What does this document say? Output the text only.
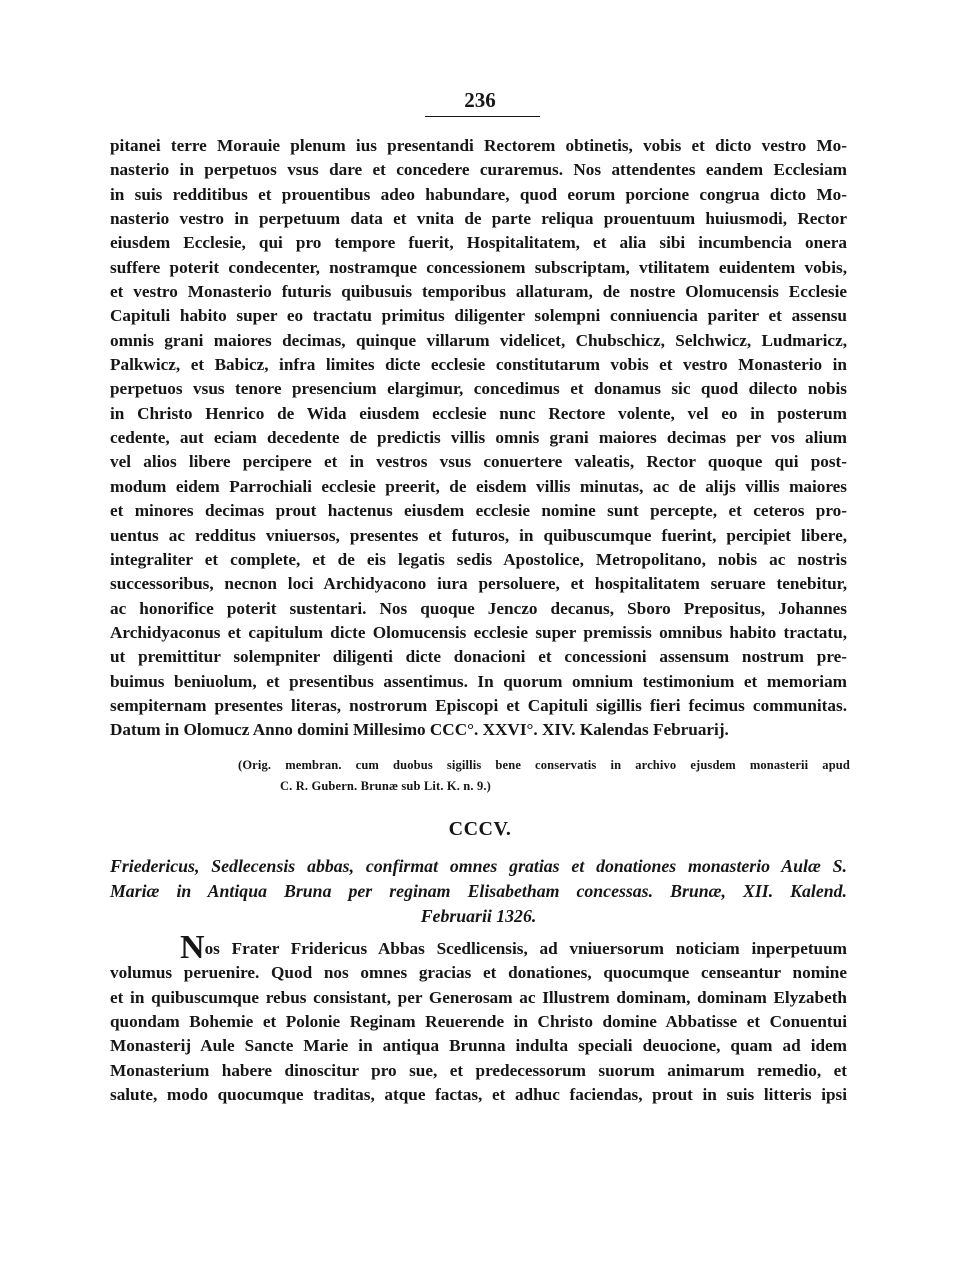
236
pitanei terre Morauie plenum ius presentandi Rectorem obtinetis, vobis et dicto vestro Mo-
nasterio in perpetuos vsus dare et concedere curaremus. Nos attendentes eandem Ecclesiam
in suis redditibus et prouentibus adeo habundare, quod eorum porcione congrua dicto Mo-
nasterio vestro in perpetuum data et vnita de parte reliqua prouentuum huiusmodi, Rector
eiusdem Ecclesie, qui pro tempore fuerit, Hospitalitatem, et alia sibi incumbencia onera
suffere poterit condecenter, nostramque concessionem subscriptam, vtilitatem euidentem vobis,
et vestro Monasterio futuris quibusuis temporibus allaturam, de nostre Olomucensis Ecclesie
Capituli habito super eo tractatu primitus diligenter solempni conniuencia pariter et assensu
omnis grani maiores decimas, quinque villarum videlicet, Chubschicz, Selchwicz, Ludmaricz,
Palkwicz, et Babicz, infra limites dicte ecclesie constitutarum vobis et vestro Monasterio in
perpetuos vsus tenore presencium elargimur, concedimus et donamus sic quod dilecto nobis
in Christo Henrico de Wida eiusdem ecclesie nunc Rectore volente, vel eo in posterum
cedente, aut eciam decedente de predictis villis omnis grani maiores decimas per vos alium
vel alios libere percipere et in vestros vsus conuertere valeatis, Rector quoque qui post-
modum eidem Parrochiali ecclesie preerit, de eisdem villis minutas, ac de alijs villis maiores
et minores decimas prout hactenus eiusdem ecclesie nomine sunt percepte, et ceteros pro-
uentus ac redditus vniuersos, presentes et futuros, in quibuscumque fuerint, percipiet libere,
integraliter et complete, et de eis legatis sedis Apostolice, Metropolitano, nobis ac nostris
successoribus, necnon loci Archidyacono iura persoluere, et hospitalitatem seruare tenebitur,
ac honorifice poterit sustentari. Nos quoque Jenczo decanus, Sboro Prepositus, Johannes
Archidyaconus et capitulum dicte Olomucensis ecclesie super premissis omnibus habito tractatu,
ut premittitur solempniter diligenti dicte donacioni et concessioni assensum nostrum pre-
buimus beniuolum, et presentibus assentimus. In quorum omnium testimonium et memoriam
sempiternam presentes literas, nostrorum Episcopi et Capituli sigillis fieri fecimus communitas.
Datum in Olomucz Anno domini Millesimo CCC°. XXVI°. XIV. Kalendas Februarij.
(Orig. membran. cum duobus sigillis bene conservatis in archivo ejusdem monasterii apud
C. R. Gubern. Brunæ sub Lit. K. n. 9.)
CCCV.
Friedericus, Sedlecensis abbas, confirmat omnes gratias et donationes monasterio Aulæ S.
Mariæ in Antiqua Bruna per reginam Elisabetham concessas. Brunæ, XII. Kalend.
Februarii 1326.
Nos Frater Fridericus Abbas Scedlicensis, ad vniuersorum noticiam inperpetuum
volumus peruenire. Quod nos omnes gracias et donationes, quocumque censeantur nomine
et in quibuscumque rebus consistant, per Generosam ac Illustrem dominam, dominam Elyzabeth
quondam Bohemie et Polonie Reginam Reuerende in Christo domine Abbatisse et Conuentui
Monasterij Aule Sancte Marie in antiqua Brunna indulta speciali deuocione, quam ad idem
Monasterium habere dinoscitur pro sue, et predecessorum suorum animarum remedio, et
salute, modo quocumque traditas, atque factas, et adhuc faciendas, prout in suis litteris ipsi
